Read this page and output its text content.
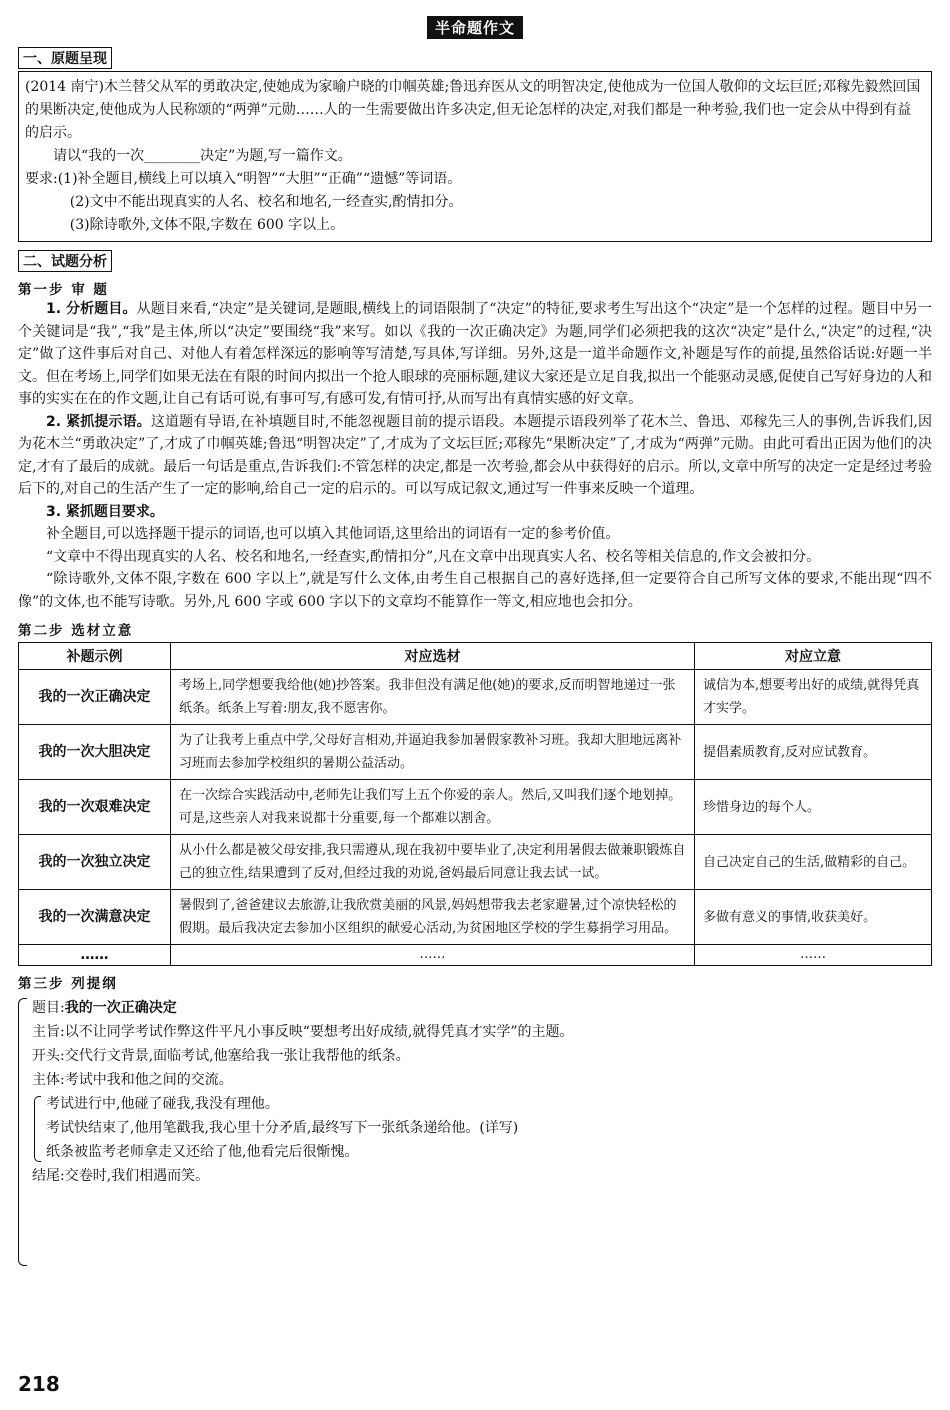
半命题作文
一、原题呈现

(2014 南宁)木兰替父从军的勇敢决定,使她成为家喻户晓的巾帼英雄;鲁迅弃医从文的明智决定,使他成为一位国人敬仰的文坛巨匠;邓稼先毅然回国的果断决定,使他成为人民称颂的“两弹”元勋……人的一生需要做出许多决定,但无论怎样的决定,对我们都是一种考验,我们也一定会从中得到有益的启示。

请以“我的一次________决定”为题,写一篇作文。

要求:(1)补全题目,横线上可以填入“明智”“大胆”“正确”“遗憾”等词语。

(2)文中不能出现真实的人名、校名和地名,一经查实,酌情扣分。

(3)除诗歌外,文体不限,字数在 600 字以上。

二、试题分析
第一步 审 题

1. 分析题目。从题目来看,“决定”是关键词,是题眼,横线上的词语限制了“决定”的特征,要求考生写出这个“决定”是一个怎样的过程。题目中另一个关键词是“我”,“我”是主体,所以“决定”要围绕“我”来写。如以《我的一次正确决定》为题,同学们必须把我的这次“决定”是什么,“决定”的过程,“决定”做了这件事后对自己、对他人有着怎样深远的影响等写清楚,写具体,写详细。另外,这是一道半命题作文,补题是写作的前提,虽然俗话说:好题一半文。但在考场上,同学们如果无法在有限的时间内拟出一个抢人眼球的亮丽标题,建议大家还是立足自我,拟出一个能驱动灵感,促使自己写好身边的人和事的实实在在的作文题,让自己有话可说,有事可写,有感可发,有情可抒,从而写出有真情实感的好文章。

2. 紧抓提示语。这道题有导语,在补填题目时,不能忽视题目前的提示语段。本题提示语段列举了花木兰、鲁迅、邓稼先三人的事例,告诉我们,因为花木兰“勇敢决定”了,才成了巾帼英雄;鲁迅“明智决定”了,才成为了文坛巨匠;邓稼先“果断决定”了,才成为“两弹”元勋。由此可看出正因为他们的决定,才有了最后的成就。最后一句话是重点,告诉我们:不管怎样的决定,都是一次考验,都会从中获得好的启示。所以,文章中所写的决定一定是经过考验后下的,对自己的生活产生了一定的影响,给自己一定的启示的。可以写成记叙文,通过写一件事来反映一个道理。

3. 紧抓题目要求。

补全题目,可以选择题干提示的词语,也可以填入其他词语,这里给出的词语有一定的参考价值。

“文章中不得出现真实的人名、校名和地名,一经查实,酌情扣分”,凡在文章中出现真实人名、校名等相关信息的,作文会被扣分。

“除诗歌外,文体不限,字数在 600 字以上”,就是写什么文体,由考生自己根据自己的喜好选择,但一定要符合自己所写文体的要求,不能出现“四不像”的文体,也不能写诗歌。另外,凡 600 字或 600 字以下的文章均不能算作一等文,相应地也会扣分。

第二步 选材立意
补题示例	对应选材	对应立意
我的一次正确决定	考场上,同学想要我给他(她)抄答案。我非但没有满足他(她)的要求,反而明智地递过一张纸条。纸条上写着:朋友,我不愿害你。	诚信为本,想要考出好的成绩,就得凭真才实学。
我的一次大胆决定	为了让我考上重点中学,父母好言相劝,并逼迫我参加暑假家教补习班。我却大胆地远离补习班而去参加学校组织的暑期公益活动。	提倡素质教育,反对应试教育。
我的一次艰难决定	在一次综合实践活动中,老师先让我们写上五个你爱的亲人。然后,又叫我们逐个地划掉。可是,这些亲人对我来说都十分重要,每一个都难以割舍。	珍惜身边的每个人。
我的一次独立决定	从小什么都是被父母安排,我只需遵从,现在我初中要毕业了,决定利用暑假去做兼职锻炼自己的独立性,结果遭到了反对,但经过我的劝说,爸妈最后同意让我去试一试。	自己决定自己的生活,做精彩的自己。
我的一次满意决定	暑假到了,爸爸建议去旅游,让我欣赏美丽的风景,妈妈想带我去老家避暑,过个凉快轻松的假期。最后我决定去参加小区组织的献爱心活动,为贫困地区学校的学生募捐学习用品。	多做有意义的事情,收获美好。
……	……	……
第三步 列提纲

题目:我的一次正确决定

主旨:以不让同学考试作弊这件平凡小事反映“要想考出好成绩,就得凭真才实学”的主题。

开头:交代行文背景,面临考试,他塞给我一张让我帮他的纸条。

主体:考试中我和他之间的交流。

考试进行中,他碰了碰我,我没有理他。

考试快结束了,他用笔戳我,我心里十分矛盾,最终写下一张纸条递给他。(详写)

纸条被监考老师拿走又还给了他,他看完后很惭愧。

结尾:交卷时,我们相遇而笑。

218
